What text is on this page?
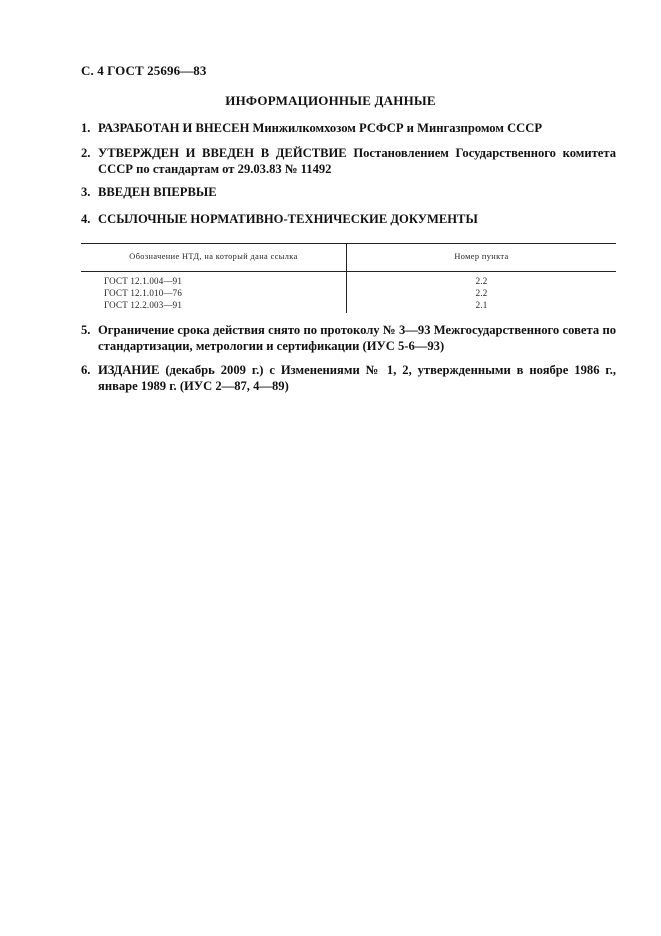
С. 4 ГОСТ 25696—83
ИНФОРМАЦИОННЫЕ ДАННЫЕ
1. РАЗРАБОТАН И ВНЕСЕН Минжилкомхозом РСФСР и Мингазпромом СССР
2. УТВЕРЖДЕН И ВВЕДЕН В ДЕЙСТВИЕ Постановлением Государственного комитета СССР по стандартам от 29.03.83 № 11492
3. ВВЕДЕН ВПЕРВЫЕ
4. ССЫЛОЧНЫЕ НОРМАТИВНО-ТЕХНИЧЕСКИЕ ДОКУМЕНТЫ
Обозначение НТД, на который дана ссылка	Номер пункта
ГОСТ 12.1.004—91	2.2
ГОСТ 12.1.010—76	2.2
ГОСТ 12.2.003—91	2.1
5. Ограничение срока действия снято по протоколу № 3—93 Межгосударственного совета по стандартизации, метрологии и сертификации (ИУС 5-6—93)
6. ИЗДАНИЕ (декабрь 2009 г.) с Изменениями № 1, 2, утвержденными в ноябре 1986 г., январе 1989 г. (ИУС 2—87, 4—89)
